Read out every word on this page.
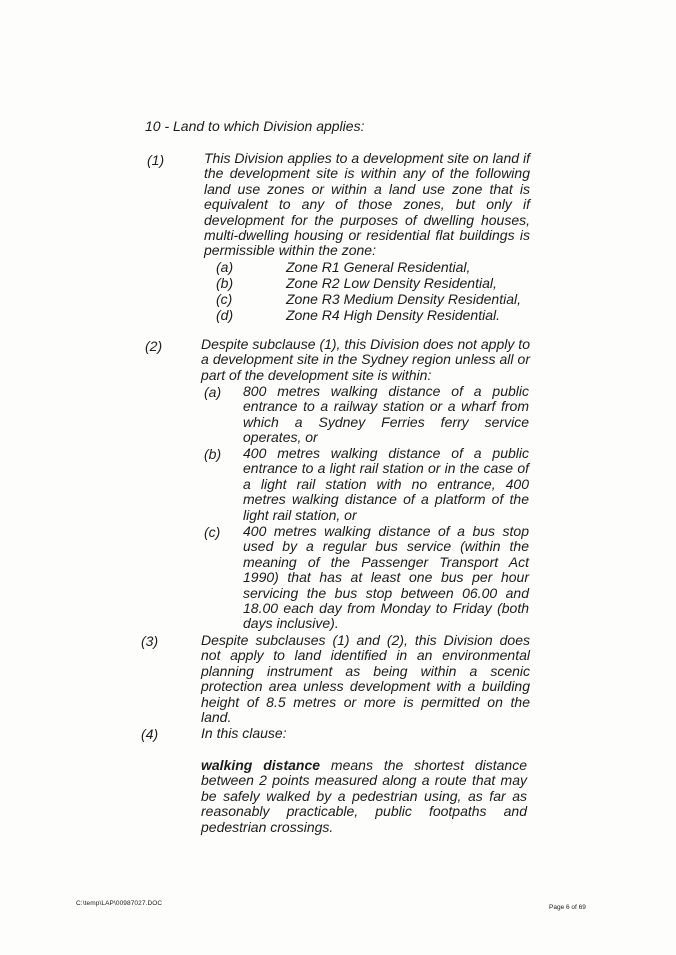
10 - Land to which Division applies:
(1)	This Division applies to a development site on land if the development site is within any of the following land use zones or within a land use zone that is equivalent to any of those zones, but only if development for the purposes of dwelling houses, multi-dwelling housing or residential flat buildings is permissible within the zone:
(a)	Zone R1 General Residential,
(b)	Zone R2 Low Density Residential,
(c)	Zone R3 Medium Density Residential,
(d)	Zone R4 High Density Residential.
(2)	Despite subclause (1), this Division does not apply to a development site in the Sydney region unless all or part of the development site is within:
(a) 800 metres walking distance of a public entrance to a railway station or a wharf from which a Sydney Ferries ferry service operates, or
(b) 400 metres walking distance of a public entrance to a light rail station or in the case of a light rail station with no entrance, 400 metres walking distance of a platform of the light rail station, or
(c) 400 metres walking distance of a bus stop used by a regular bus service (within the meaning of the Passenger Transport Act 1990) that has at least one bus per hour servicing the bus stop between 06.00 and 18.00 each day from Monday to Friday (both days inclusive).
(3)	Despite subclauses (1) and (2), this Division does not apply to land identified in an environmental planning instrument as being within a scenic protection area unless development with a building height of 8.5 metres or more is permitted on the land.
(4)	In this clause:
walking distance means the shortest distance between 2 points measured along a route that may be safely walked by a pedestrian using, as far as reasonably practicable, public footpaths and pedestrian crossings.
C:\temp\LAP\00987027.DOC
Page 6 of 69
